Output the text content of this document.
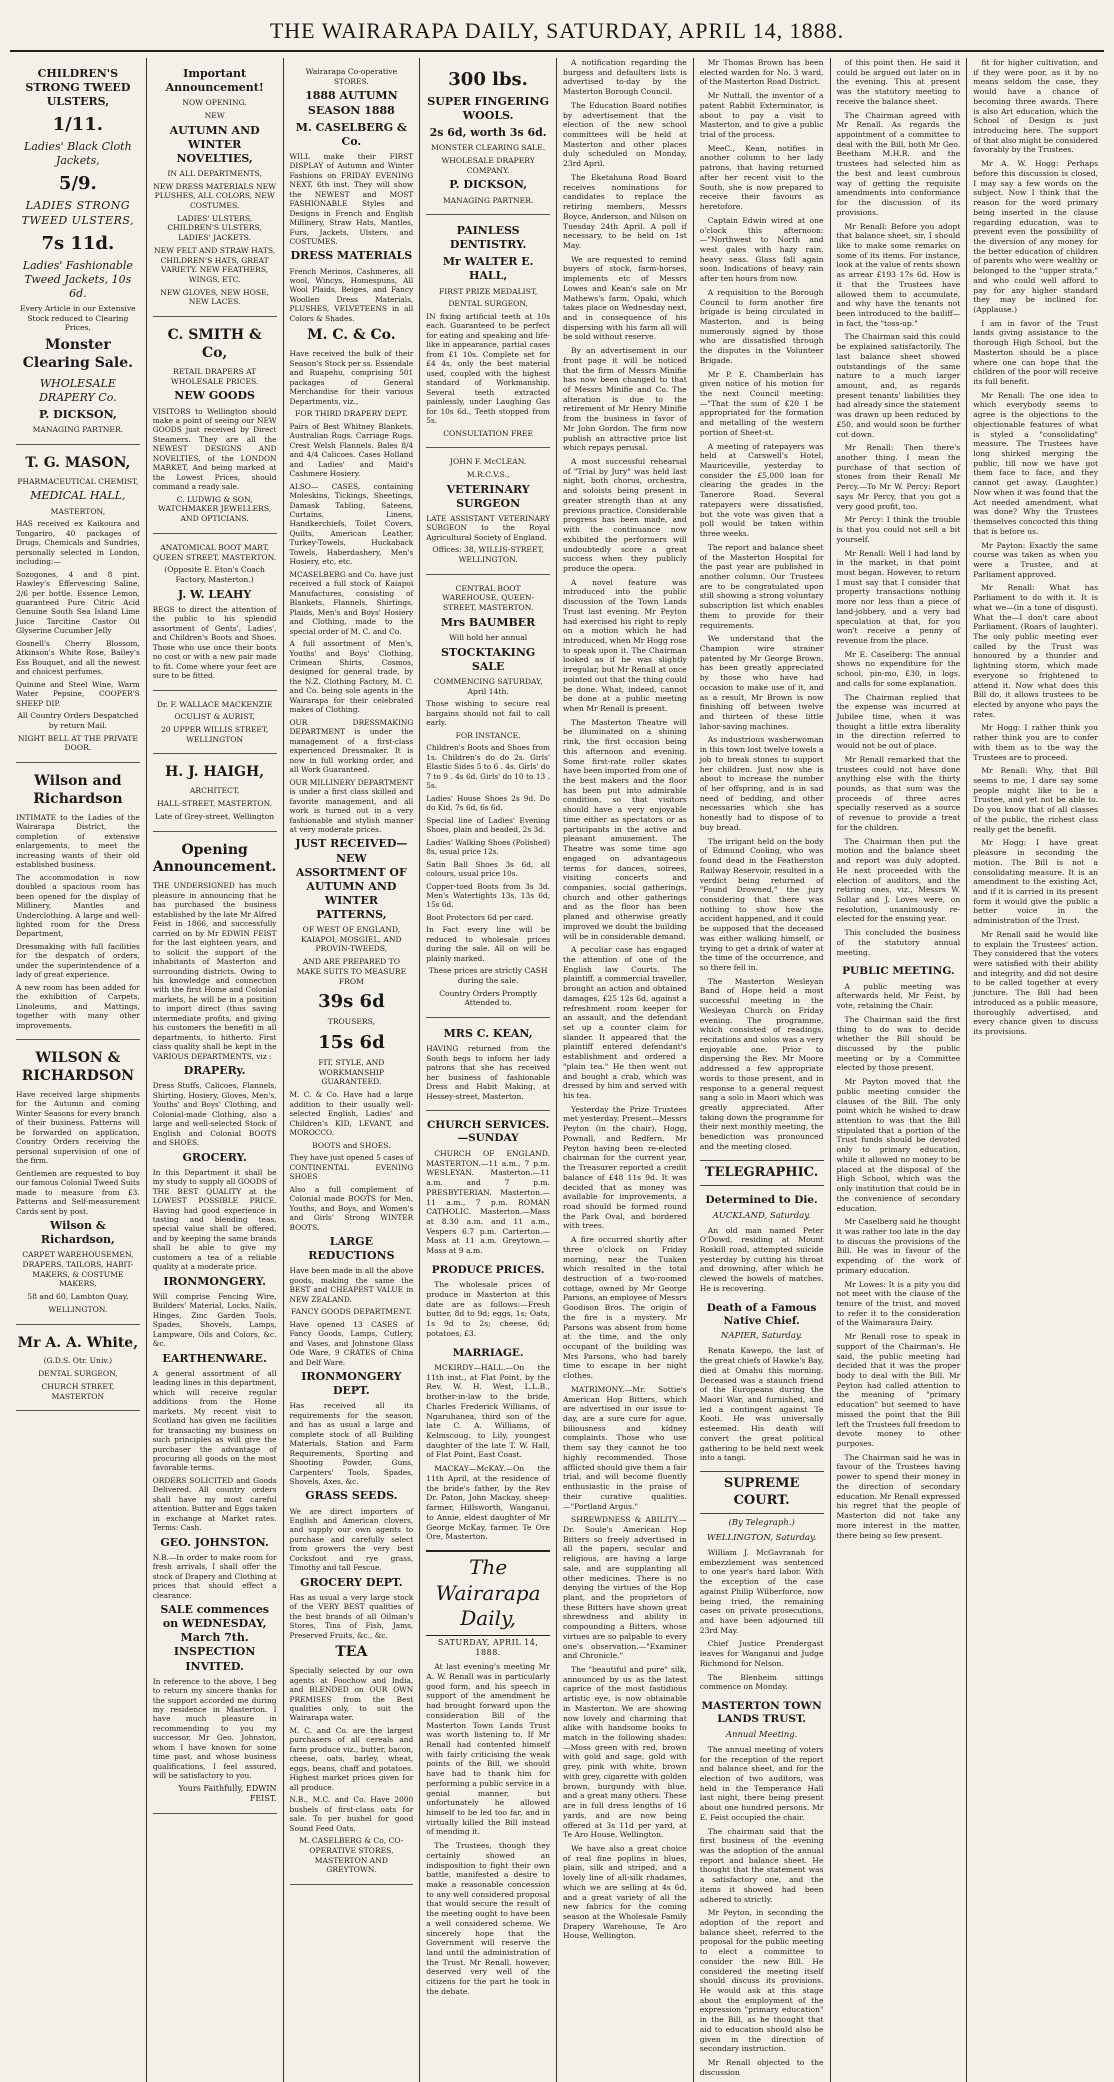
THE WAIRARAPA DAILY, SATURDAY, APRIL 14, 1888.
CHILDREN'S STRONG TWEED ULSTERS,
1/11.
Ladies' Black Cloth Jackets,
5/9.
LADIES STRONG TWEED ULSTERS,
7s 11d.
Ladies' Fashionable Tweed Jackets, 10s 6d.

Every Article in our Extensive Stock reduced to Clearing Prices,

Monster Clearing Sale.
WHOLESALE DRAPERY Co.
P. DICKSON,

MANAGING PARTNER.

T. G. MASON,

PHARMACEUTICAL CHEMIST,

MEDICAL HALL,

MASTERTON,

HAS received ex Kaikoura and Tongariro, 40 packages of Drugs, Chemicals and Sundries, personally selected in London, including:—

Sozogones, 4 and 8 pint. Hawley's Effervescing Saline, 2/6 per bottle. Essence Lemon, guaranteed Pure Citric Acid Genuine South Sea Island Lime Juice Tarcitine Castor Oil Glyserine Cucumber Jelly

Gosnell's Cherry Blossom, Atkinson's White Rose, Bailey's Ess Bouquet, and all the newest and choicest perfumes.

Quinine and Steel Wine, Warm Water Pepsine, COOPER'S SHEEP DIP.

All Country Orders Despatched by return Mail.

NIGHT BELL AT THE PRIVATE DOOR.

Wilson and Richardson

INTIMATE to the Ladies of the Wairarapa District, the completion of extensive enlargements, to meet the increasing wants of their old established business.

The accommodation is now doubled a spacious room has been opened for the display of Millinery, Mantles and Underclothing. A large and well-lighted room for the Dress Department,

Dressmaking with full facilities for the despatch of orders, under the superintendence of a lady of great experience.

A new room has been added for the exhibition of Carpets, Linoleums, and Mattings, together with many other improvements.

WILSON & RICHARDSON

Have received large shipments for the Autumn and coming Winter Seasons for every branch of their business. Patterns will be forwarded on application, Country Orders receiving the personal supervision of one of the firm.

Gentlemen are requested to buy our famous Colonial Tweed Suits made to measure from £3. Patterns and Self-measurement Cards sent by post.

Wilson & Richardson,

CARPET WAREHOUSEMEN, DRAPERS, TAILORS, HABIT-MAKERS, & COSTUME MAKERS,

58 and 60, Lambton Quay,

WELLINGTON.

Mr A. A. White,

(G.D.S. Otr. Univ.)

DENTAL SURGEON,

CHURCH STREET, MASTERTON

Important Announcement!

NOW OPENING.

NEW

AUTUMN AND WINTER NOVELTIES,

IN ALL DEPARTMENTS,

NEW DRESS MATERIALS NEW PLUSHES, ALL COLORS, NEW COSTUMES.

LADIES' ULSTERS, CHILDREN'S ULSTERS, LADIES' JACKETS.

NEW FELT AND STRAW HATS, CHILDREN'S HATS, GREAT VARIETY. NEW FEATHERS, WINGS, ETC.

NEW GLOVES, NEW HOSE, NEW LACES.

C. SMITH & Co,

RETAIL DRAPERS AT WHOLESALE PRICES.

NEW GOODS

VISITORS to Wellington should make a point of seeing our NEW GOODS just received by Direct Steamers. They are all the NEWEST DESIGNS AND NOVELTIES, of the LONDON MARKET, And being marked at the Lowest Prices, should command a ready sale.

C. LUDWIG & SON, WATCHMAKER JEWELLERS, AND OPTICIANS.

ANATOMICAL BOOT MART, QUEEN STREET, MASTERTON.

(Opposite E. Eton's Coach Factory, Masterton.)

J. W. LEAHY

BEGS to direct the attention of the public to his splendid assortment of Gents', Ladies', and Children's Boots and Shoes. Those who use once their boots no cost or with a new pair made to fit. Come where your feet are sure to be fitted.

Dr. F. WALLACE MACKENZIE

OCULIST & AURIST,

20 UPPER WILLIS STREET, WELLINGTON

H. J. HAIGH,

ARCHITECT,

HALL-STREET, MASTERTON.

Late of Grey-street, Wellington

Opening Announcement.

THE UNDERSIGNED has much pleasure in announcing that he has purchased the business established by the late Mr Alfred Feist in 1866, and successfully carried on by Mr EDWIN FEIST for the last eighteen years, and to solicit the support of the inhabitants of Masterton and surrounding districts. Owing to his knowledge and connection with the first Home and Colonial markets, he will be in a position to import direct (thus saving intermediate profits, and giving his customers the benefit) in all departments, to hitherto. First class quality shall be kept in the VARIOUS DEPARTMENTS, viz :

DRAPERy.

Dress Stuffs, Calicoes, Flannels, Shirting, Hosiery, Gloves, Men's, Youths' and Boys' Clothing, and Colonial-made Clothing, also a large and well-selected Stock of English and Colonial BOOTS and SHOES.

GROCERY.

In this Department it shall be my study to supply all GOODS of THE BEST QUALITY at the LOWEST POSSIBLE PRICE. Having had good experience in tasting and blending teas, special value shall be offered, and by keeping the same brands shall be able to give my customers a tea of a reliable quality at a moderate price.

IRONMONGERY.

Will comprise Fencing Wire, Builders' Material, Locks, Nails, Hinges, Zinc Garden Tools, Spades, Shovels, Lamps, Lampware, Oils and Colors, &c. &c.

EARTHENWARE.

A general assortment of all leading lines in this department, which will receive regular additions from the Home markets. My recent visit to Scotland has given me facilities for transacting my business on such principles as will give the purchaser the advantage of procuring all goods on the most favorable terms.

ORDERS SOLICITED and Goods Delivered. All country orders shall have my most careful attention. Butter and Eggs taken in exchange at Market rates. Terms: Cash.

GEO. JOHNSTON.

N.B.—In order to make room for fresh arrivals, I shall offer the stock of Drapery and Clothing at prices that should effect a clearance.

SALE commences on WEDNESDAY, March 7th. INSPECTION INVITED.

In reference to the above, I beg to return my sincere thanks for the support accorded me during my residence in Masterton. I have much pleasure in recommending to you my successor, Mr Geo. Johnston, whom I have known for some time past, and whose business qualifications, I feel assured, will be satisfactory to you.

Yours Faithfully, EDWIN FEIST.

Wairarapa Co-operative STORES.

1888 AUTUMN SEASON 1888
M. CASELBERG & Co.

WILL make their FIRST DISPLAY of Autumn and Winter Fashions on FRIDAY EVENING NEXT, 6th inst. They will show the NEWEST and MOST FASHIONABLE Styles and Designs in French and English Millinery, Straw Hats, Mantles, Furs, Jackets, Ulsters, and COSTUMES.

DRESS MATERIALS

French Merinos, Cashmeres, all wool, Wincys, Homespuns, All Wool Plaids, Beiges, and Fancy Woollen Dress Materials, PLUSHES, VELVETEENS in all Colors & Shades.

M. C. & Co.

Have received the bulk of their Season's Stock per ss. Essendale and Ruapehu, comprising 501 packages of General Merchandise for their various Departments, viz.,

FOR THIRD DRAPERY DEPT.

Pairs of Best Whitney Blankets. Australian Rugs. Carriage Rugs. Crest Welsh Flannels. Bales 8/4 and 4/4 Calicoes. Cases Holland and Ladies' and Maid's Cashmere Hosiery.

ALSO— CASES, containing Moleskins, Tickings, Sheetings, Damask Tabling, Sateens, Curtains, Linens, Handkerchiefs, Toilet Covers, Quilts, American Leather, Turkey-Towels, Huckaback Towels, Haberdashery, Men's Hosiery, etc, etc.

MCASELBERG and Co. have just received a full stock of Kaiapoi Manufactures, consisting of Blankets, Flannels, Shirtings, Plaids, Men's and Boys' Hosiery and Clothing, made to the special order of M. C. and Co.

A full assortment of Men's, Youths' and Boys' Clothing, Crimean Shirts, Cosmos, designed for general trade, by the N.Z. Clothing Factory, M. C. and Co. being sole agents in the Wairarapa for their celebrated makes of Clothing.

OUR DRESSMAKING DEPARTMENT is under the management of a first-class experienced Dressmaker. It is now in full working order, and all Work Guaranteed.

OUR MILLINERY DEPARTMENT is under a first class skilled and favorite management, and all work is turned out in a very fashionable and stylish manner at very moderate prices.

JUST RECEIVED—NEW ASSORTMENT OF AUTUMN AND WINTER PATTERNS,

OF WEST OF ENGLAND, KAIAPOI, MOSGIEL, AND PROVIN-TWEEDS,

AND ARE PREPARED TO MAKE SUITS TO MEASURE FROM

39s 6d

TROUSERS,

15s 6d

FIT, STYLE, AND WORKMANSHIP GUARANTEED.

M. C. & Co. Have had a large addition to their usually well-selected English, Ladies' and Children's KID, LEVANT, and MOROCCO.

BOOTS and SHOES.

They have just opened 5 cases of CONTINENTAL EVENING SHOES

Also a full complement of Colonial made BOOTS for Men, Youths, and Boys, and Women's and Girls' Strong WINTER BOOTS.

LARGE REDUCTIONS

Have been made in all the above goods, making the same the BEST and CHEAPEST VALUE in NEW ZEALAND.

FANCY GOODS DEPARTMENT.

Have opened 13 CASES of Fancy Goods, Lamps, Cutlery, and Vases, and Johnstone Glass Ode Ware, 9 CRATES of China and Delf Ware.

IRONMONGERY DEPT.

Has received all its requirements for the season, and has as usual a large and complete stock of all Building Materials, Station and Farm Requirements, Sporting and Shooting Powder, Guns, Carpenters' Tools, Spades, Shovels, Axes, &c.

GRASS SEEDS.

We are direct importers of English and American clovers, and supply our own agents to purchase and carefully select from growers the very best Cocksfoot and rye grass, Timothy and tall Fescue.

GROCERY DEPT.

Has as usual a very large stock of the VERY BEST qualities of the best brands of all Oilman's Stores, Tins of Fish, Jams, Preserved Fruits, &c., &c.

TEA

Specially selected by our own agents at Foochow and India, and BLENDED on OUR OWN PREMISES from the Best qualities only, to suit the Wairarapa water.

M. C. and Co. are the largest purchasers of all cereals and farm produce viz., butter, bacon, cheese, oats, barley, wheat, eggs, beans, chaff and potatoes. Highest market prices given for all produce.

N.B., M.C. and Co. Have 2000 bushels of first-class oats for sale. To per bushel for good Sound Feed Oats.

M. CASELBERG & Co, CO-OPERATIVE STORES, MASTERTON AND GREYTOWN.

300 lbs.
SUPER FINGERING WOOLS.
2s 6d, worth 3s 6d.

MONSTER CLEARING SALE.

WHOLESALE DRAPERY COMPANY.

P. DICKSON,

MANAGING PARTNER.

PAINLESS DENTISTRY.
Mr WALTER E. HALL,

FIRST PRIZE MEDALIST,

DENTAL SURGEON,

IN fixing artificial teeth at 10s each. Guaranteed to be perfect for eating and speaking and life-like in appearance, partial cases from £1 10s. Complete set for £4 4s, only the best material used, coupled with the highest standard of Workmanship. Several teeth extracted painlessly, under Laughing Gas for 10s 6d., Teeth stopped from 5s.

CONSULTATION FREE

JOHN F. McCLEAN.

M.R.C.V.S.,

VETERINARY SURGEON

LATE ASSISTANT VETERINARY SURGEON to the Royal Agricultural Society of England.

Offices: 38, WILLIS-STREET, WELLINGTON.

CENTRAL BOOT WAREHOUSE, QUEEN-STREET, MASTERTON.

Mrs BAUMBER

Will hold her annual

STOCKTAKING SALE

COMMENCING SATURDAY, April 14th.

Those wishing to secure real bargains should not fail to call early.

FOR INSTANCE.

Children's Boots and Shoes from 1s. Children's do do 2s. Girls' Elastic Sides 5 to 6 . 4s. Girls' do 7 to 9 . 4s 6d. Girls' do 10 to 13 . 5s.

Ladies' House Shoes 2s 9d. Do do Kid, 7s 6d, 6s 6d.

Special line of Ladies' Evening Shoes, plain and beaded, 2s 3d.

Ladies' Walking Shoes (Polished) 8s, usual price 12s.

Satin Ball Shoes 3s 6d, all colours, usual price 10s.

Copper-toed Boots from 3s 3d. Men's Watertights 13s, 13s 6d, 15s 6d.

Boot Protectors 6d per card.

In Fact every line will be reduced to wholesale prices during the sale. All on will be plainly marked.

These prices are strictly CASH during the sale.

Country Orders Promptly Attended to.

MRS C. KEAN,

HAVING returned from the South begs to inform her lady patrons that she has received her business of fashionable Dress and Habit Making, at Hessey-street, Masterton.

CHURCH SERVICES.—SUNDAY

CHURCH OF ENGLAND. MASTERTON.—11 a.m., 7 p.m. WESLEYAN. Masterton.—11 a.m. and 7 p.m. PRESBYTERIAN. Masterton.—11 a.m., 7 p.m. ROMAN CATHOLIC. Masterton.—Mass at 8.30 a.m. and 11 a.m., Vespers 6.7 p.m. Carterton.—Mass at 11 a.m. Greytown.—Mass at 9 a.m.

PRODUCE PRICES.

The wholesale prices of produce in Masterton at this date are as follows:—Fresh butter, 8d to 9d; eggs, 1s; Oats, 1s 9d to 2s; cheese, 6d; potatoes, £3.

MARRIAGE.

MCKIRDY—HALL.—On the 11th inst., at Flat Point, by the Rev. W. H. West, L.L.B., brother-in-law to the bride, Charles Frederick Williams, of Ngaruhanea, third son of the late C. A. Williams, of Kelmscoug. to Lily, youngest daughter of the late T. W. Hall, of Flat Point, East Coast.

MACKAY—McKAY.—On the 11th April, at the residence of the bride's father, by the Rev Dr. Paton, John Mackay, sheep-farmer, Hillsworth, Wanganui, to Annie, eldest daughter of Mr George McKay, farmer, Te Ore Ore, Masterton.

The Wairarapa Daily,
SATURDAY, APRIL 14, 1888.

At last evening's meeting Mr A. W. Renall was in particularly good form, and his speech in support of the amendment he had brought forward upon the consideration Bill of the Masterton Town Lands Trust was worth listening to. If Mr Renall had contented himself with fairly criticising the weak points of the Bill, we should have had to thank him for performing a public service in a genial manner, but unfortunately he allowed himself to be led too far, and in virtually killed the Bill instead of mending it.

The Trustees, though they certainly showed an indisposition to fight their own battle, manifested a desire to make a reasonable concession to any well considered proposal that would secure the result of the meeting ought to have been a well considered scheme. We sincerely hope that the Government will reserve the land until the administration of the Trust. Mr Renall, however, deserved very well of the citizens for the part he took in the debate.

A notification regarding the burgess and defaulters lists is advertised to-day by the Masterton Borough Council.

The Education Board notifies by advertisement that the election of the new school committees will be held at Masterton and other places duly scheduled on Monday, 23rd April.

The Eketahuna Road Board receives nominations for candidates to replace the retiring members, Messrs Boyce, Anderson, and Nilson on Tuesday 24th April. A poll if necessary, to be held on 1st May.

We are requested to remind buyers of stock, farm-horses, implements etc of Messrs Lowes and Kean's sale on Mr Mathews's farm, Opaki, which takes place on Wednesday next, and in consequence of his dispersing with his farm all will be sold without reserve.

By an advertisement in our front page it will be noticed that the firm of Messrs Minifie has now been changed to that of Messrs Minifie and Co. The alteration is due to the retirement of Mr Henry Minifie from the business in favor of Mr John Gordon. The firm now publish an attractive price list which repays perusal.

A most successful rehearsal of "Trial by Jury" was held last night, both chorus, orchestra, and soloists being present in greater strength than at any previous practice. Considerable progress has been made, and with the continuance now exhibited the performers will undoubtedly score a great success when they publicly produce the opera.

A novel feature was introduced into the public discussion of the Town Lands Trust last evening. Mr Peyton had exercised his right to reply on a motion which he had introduced, when Mr Hogg rose to speak upon it. The Chairman looked as if he was slightly irregular, but Mr Renall at once pointed out that the thing could be done. What, indeed, cannot be done at a public meeting when Mr Renall is present.

The Masterton Theatre will be illuminated on a shining rink, the first occasion being this afternoon and evening. Some first-rate roller skates have been imported from one of the best makers and the floor has been put into admirable condition, so that visitors should have a very enjoyable time either as spectators or as participants in the active and pleasant amusement. The Theatre was some time ago engaged on advantageous terms for dances, soirees, visiting concerts and companies, social gatherings, church and other gatherings and as the floor has been planed and otherwise greatly improved we doubt the building will be in considerable demand.

A peculiar case has engaged the attention of one of the English law Courts. The plaintiff, a commercial traveller, brought an action and obtained damages, £25 12s 6d, against a refreshment room keeper for an assault, and the defendant set up a counter claim for slander. It appeared that the plaintiff entered defendant's establishment and ordered a "plain tea." He then went out and bought a crab, which was dressed by him and served with his tea.

Yesterday the Prize Trustees met yesterday. Present—Messrs Peyton (in the chair), Hogg, Pownall, and Redfern. Mr Peyton having been re-elected chairman for the current year, the Treasurer reported a credit balance of £48 11s 9d. It was decided that as money was available for improvements, a road should be formed round the Park Oval, and bordered with trees.

A fire occurred shortly after three o'clock on Friday morning, near the Tuaken which resulted in the total destruction of a two-roomed cottage, owned by Mr George Parsons, an employee of Messrs Goodison Bros. The origin of the fire is a mystery. Mr Parsons was absent from home at the time, and the only occupant of the building was Mrs Parsons, who had barely time to escape in her night clothes.

MATRIMONY.—Mr. Sottie's American Hop Bitters, which are advertised in our issue to-day, are a sure cure for ague, biliousness and kidney complaints. Those who use them say they cannot be too highly recommended. Those afflicted should give them a fair trial, and will become fluently enthusiastic in the praise of their curative qualities.—"Portland Argus."

SHREWDNESS & ABILITY.—Dr. Soule's American Hop Bitters so freely advertised in all the papers, secular and religious, are having a large sale, and are supplanting all other medicines. There is no denying the virtues of the Hop plant, and the proprietors of these Bitters have shown great shrewdness and ability in compounding a Bitters, whose virtues are so palpable to every one's observation.—"Examiner and Chronicle."

The "beautiful and pure" silk, announced by us as the latest caprice of the most fastidious artistic eye, is now obtainable in Masterton. We are showing now lovely and charming that alike with handsome books to match in the following shades:—Moss green with red, brown with gold and sage, gold with grey, pink with white, brown with grey, cigarette with golden brown, burgundy with blue, and a great many others. These are in full dress lengths of 16 yards, and are now being offered at 3s 11d per yard, at Te Aro House, Wellington.

We have also a great choice of real fine poplins in blues, plain, silk and striped, and a lovely line of all-silk rhadames, which we are selling at 4s 6d. and a great variety of all the new fabrics for the coming season at the Wholesale Family Drapery Warehouse, Te Aro House, Wellington.

Mr Thomas Brown has been elected warden for No. 3 ward, of the Masterton Road District.

Mr Nuttall, the inventor of a patent Rabbit Exterminator, is about to pay a visit to Masterton, and to give a public trial of the process.

MeeC., Kean, notifies in another column to her lady patrons, that having returned after her recent visit to the South, she is now prepared to receive their favours as heretofore.

Captain Edwin wired at one o'clock this afternoon:—"Northwest to North and west gales with hazy rain, heavy seas. Glass fall again soon. Indications of heavy rain after ten hours from now.

A requisition to the Borough Council to form another fire brigade is being circulated in Masterton, and is being numerously signed by those who are dissatisfied through the disputes in the Volunteer Brigade.

Mr P. E. Chamberlain has given notice of his motion for the next Council meeting:—"That the sum of £20 1 be appropriated for the formation and metalling of the western portion of Sheet-st.

A meeting of ratepayers was held at Carswell's Hotel, Mauriceville, yesterday to consider the £5,000 loan for clearing the grades in the Tanerore Road. Several ratepayers were dissatisfied, but the vote was given that a poll would be taken within three weeks.

The report and balance sheet of the Masterton Hospital for the past year are published in another column. Our Trustees are to be congratulated upon still showing a strong voluntary subscription list which enables them to provide for their requirements.

We understand that the Champion wire strainer patented by Mr George Brown, has been greatly appreciated by those who have had occasion to make use of it, and as a result, Mr Brown is now finishing off between twelve and thirteen of these little labor-saving machines.

As industrious washerwoman in this town lost twelve towels a job to break stones to support her children. Just now she is about to increase the number of her offspring, and is in sad need of bedding, and other necessaries which she has honestly had to dispose of to buy bread.

The irrigant held on the body of Edmund Cooling, who was found dead in the Featherston Railway Reservoir, resulted in a verdict being returned of "Found Drowned," the jury considering that there was nothing to show how the accident happened, and it could be supposed that the deceased was either walking himself, or trying to get a drink of water at the time of the occurrence, and so there fell in.

The Masterton Wesleyan Band of Hope held a most successful meeting in the Wesleyan Church on Friday evening. The programme, which consisted of readings, recitations and solos was a very enjoyable one. Prior to dispersing the Rev. Mr Moore addressed a few appropriate words to those present, and in response to a general request sang a solo in Maori which was greatly appreciated. After taking down the programme for their next monthly meeting, the benediction was pronounced and the meeting closed.

TELEGRAPHIC.
Determined to Die.
AUCKLAND, Saturday.

An old man named Peter O'Dowd, residing at Mount Roskill road, attempted suicide yesterday by cutting his throat and drowning, after which he clewed the bowels of matches. He is recovering.

Death of a Famous Native Chief.
NAPIER, Saturday.

Renata Kawepo, the last of the great chiefs of Hawke's Bay, died at Omahu this morning. Deceased was a staunch friend of the Europeans during the Maori War, and furnished, and led a contingent against Te Kooti. He was universally esteemed. His death will convert the great political gathering to be held next week into a tangi.

SUPREME COURT.
(By Telegraph.)
WELLINGTON, Saturday.

William J. McGavranah for embezzlement was sentenced to one year's hard labor. With the exception of the case against Philip Wilberforce, now being tried, the remaining cases on private prosecutions, and have been adjourned till 23rd May.

Chief Justice Prendergast leaves for Wanganui and Judge Richmond for Nelson.

The Blenheim sittings commence on Monday.

MASTERTON TOWN LANDS TRUST.
Annual Meeting.

The annual meeting of voters for the reception of the report and balance sheet, and for the election of two auditors, was held in the Temperance Hall last night, there being present about one hundred persons. Mr E. Feist occupied the chair.

The chairman said that the first business of the evening was the adoption of the annual report and balance sheet. He thought that the statement was a satisfactory one, and the items it showed had been adhered to strictly.

Mr Peyton, in seconding the adoption of the report and balance sheet, referred to the proposal for the public meeting to elect a committee to consider the new Bill. He considered the meeting itself should discuss its provisions. He would ask at this stage about the employment of the expression "primary education" in the Bill, as he thought that aid to education should also be given in the direction of secondary instruction.

Mr Renall objected to the discussion

of this point then. He said it could be argued out later on in the evening. This at present was the statutory meeting to receive the balance sheet.

The Chairman agreed with Mr Renall. As regards the appointment of a committee to deal with the Bill, both Mr Geo. Beetham M.H.R. and the trustees had selected him as the best and least cumbrous way of getting the requisite amendments into conformance for the discussion of its provisions.

Mr Renall: Before you adopt that balance sheet, sir, I should like to make some remarks on some of its items. For instance, look at the value of rents shown as arrear £193 17s 6d. How is it that the Trustees have allowed them to accumulate, and why have the tenants not been introduced to the bailiff—in fact, the "toss-up."

The Chairman said this could be explained satisfactorily. The last balance sheet showed outstandings of the same nature to a much larger amount, and, as regards present tenants' liabilities they had already since the statement was drawn up been reduced by £50, and would soon be further cut down.

Mr Renall: Then there's another thing. I mean the purchase of that section of stones from their Renall Mr Percy.—To Mr W. Percy: Report says Mr Percy, that you got a very good profit, too.

Mr Percy: I think the trouble is that you could not sell a bit yourself.

Mr Renall: Well I had land by in the market, in that point must began. However, to return I must say that I consider that property transactions nothing more nor less than a piece of land-jobbery, and a very bad speculation at that, for you won't receive a penny of revenue from the place.

Mr E. Caselberg: The annual shows no expenditure for the school, pin-mo, £30, in logs, and calls for some explanation.

The Chairman replied that the expense was incurred at Jubilee time, when it was thought a little extra liberality in the direction referred to would not be out of place.

Mr Renall remarked that the trustees could not have done anything else with the thirty pounds, as that sum was the proceeds of three acres specially reserved as a source of revenue to provide a treat for the children.

The Chairman then put the motion and the balance sheet and report was duly adopted. He next proceeded with the election of auditors, and the retiring ones, viz., Messrs W. Sollar and J. Loves were, on resolution, unanimously re-elected for the ensuing year.

This concluded the business of the statutory annual meeting.

PUBLIC MEETING.

A public meeting was afterwards held, Mr Feist, by vote, retaining the Chair.

The Chairman said the first thing to do was to decide whether the Bill should be discussed by the public meeting or by a Committee elected by those present.

Mr Payton moved that the public meeting consider the clauses of the Bill. The only point which he wished to draw attention to was that the Bill stipulated that a portion of the Trust funds should be devoted only to primary education, while it allowed no money to be placed at the disposal of the High School, which was the only institution that could be in the convenience of secondary education.

Mr Caselberg said he thought it was rather too late in the day to discuss the provisions of the Bill. He was in favour of the expending of the work of primary education.

Mr Lowes: It is a pity you did not meet with the clause of the tenure of the trust, and moved to refer it to the consideration of the Waimaraura Dairy.

Mr Renall rose to speak in support of the Chairman's. He said, the public meeting had decided that it was the proper body to deal with the Bill. Mr Peyton had called attention to the meaning of "primary education" but seemed to have missed the point that the Bill left the Trustees full freedom to devote money to other purposes.

The Chairman said he was in favour of the Trustees having power to spend their money in the direction of secondary education. Mr Renall expressed his regret that the people of Masterton did not take any more interest in the matter, there being so few present.

fit for higher cultivation, and if they were poor, as it by no means seldom the case, they would have a chance of becoming three awards. There is also Art education, which the School of Design is just introducing here. The support of that also might be considered favorably by the Trustees.

Mr A. W. Hogg: Perhaps before this discussion is closed, I may say a few words on the subject. Now I think that the reason for the word primary being inserted in the clause regarding education, was to prevent even the possibility of the diversion of any money for the better education of children of parents who were wealthy or belonged to the "upper strata," and who could well afford to pay for any higher standard they may be inclined for. (Applause.)

I am in favor of the Trust lands giving assistance to the thorough High School, but the Masterton should be a place where one can hope that the children of the poor will receive its full benefit.

Mr Renall: The one idea to which everybody seems to agree is the objections to the objectionable features of what is styled a "consolidating" measure. The Trustees have long shirked merging the public, till now we have got them face to face, and they cannot get away. (Laughter.) Now when it was found that the Act needed amendment, what was done? Why the Trustees themselves concocted this thing that is before us.

Mr Payton: Exactly the same course was taken as when you were a Trustee, and at Parliament approved.

Mr Renall: What has Parliament to do with it. It is what we—(in a tone of disgust). What the—I don't care about Parliament. (Roars of laughter). The only public meeting ever called by the Trust was honoured by a thunder and lightning storm, which made everyone so frightened to attend it. Now what does this Bill do, it allows trustees to be elected by anyone who pays the rates.

Mr Hogg: I rather think you rather think you are to confer with them as to the way the Trustees are to proceed.

Mr Renall: Why, that Bill seems to me, I dare say some people might like to be a Trustee, and yet not be able to. Do you know that of all classes of the public, the richest class really get the benefit.

Mr Hogg: I have great pleasure in seconding the motion. The Bill is not a consolidating measure. It is an amendment to the existing Act, and if it is carried in its present form it would give the public a better voice in the administration of the Trust.

Mr Renall said he would like to explain the Trustees' action. They considered that the voters were satisfied with their ability and integrity, and did not desire to be called together at every juncture. The Bill had been introduced as a public measure, thoroughly advertised, and every chance given to discuss its provisions.
